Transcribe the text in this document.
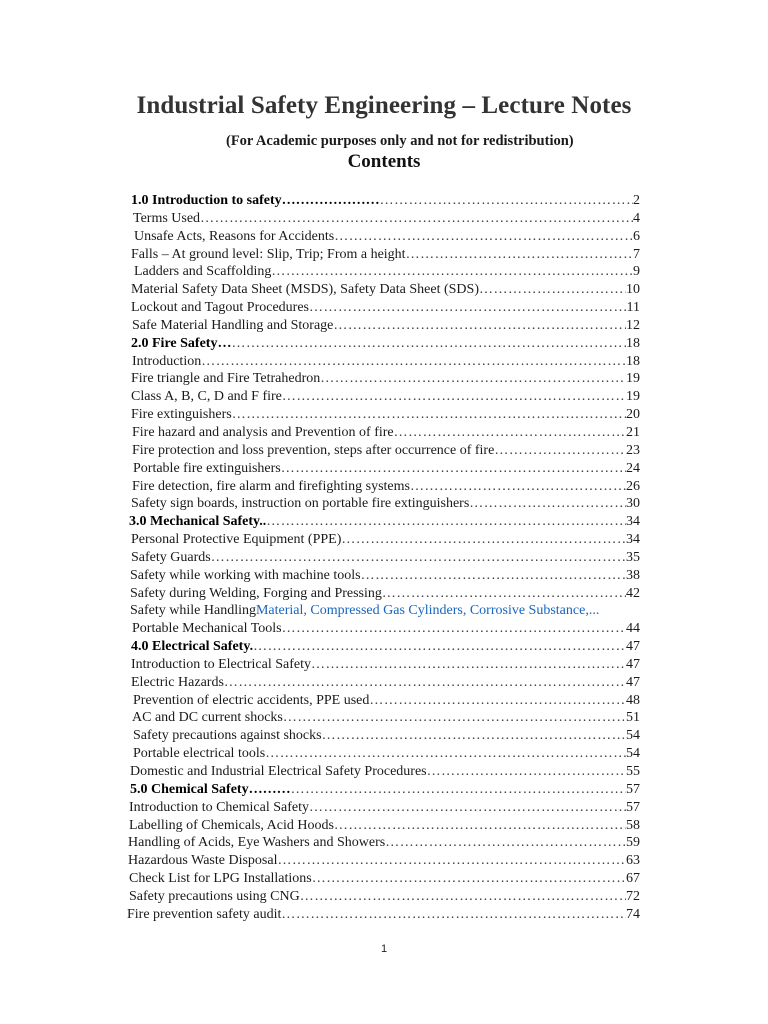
Industrial Safety Engineering – Lecture Notes

(For Academic purposes only and not for redistribution)

Contents
1.0 Introduction to safety………………… ……………………………………………………………………………………………………………………………………………………………………………………	2
Terms Used ……………………………………………………………………………………………………………………………………………………………………………………	4
Unsafe Acts, Reasons for Accidents ……………………………………………………………………………………………………………………………………………………………………………………	6
Falls – At ground level: Slip, Trip; From a height ……………………………………………………………………………………………………………………………………………………………………………………	7
Ladders and Scaffolding ……………………………………………………………………………………………………………………………………………………………………………………	9
Material Safety Data Sheet (MSDS), Safety Data Sheet (SDS) ……………………………………………………………………………………………………………………………………………………………………………………	10
Lockout and Tagout Procedures ……………………………………………………………………………………………………………………………………………………………………………………	11
Safe Material Handling and Storage ……………………………………………………………………………………………………………………………………………………………………………………	12
2.0 Fire Safety… ……………………………………………………………………………………………………………………………………………………………………………………	18
Introduction ……………………………………………………………………………………………………………………………………………………………………………………	18
Fire triangle and Fire Tetrahedron ……………………………………………………………………………………………………………………………………………………………………………………	19
Class A, B, C, D and F fire ……………………………………………………………………………………………………………………………………………………………………………………	19
Fire extinguishers ……………………………………………………………………………………………………………………………………………………………………………………	20
Fire hazard and analysis and Prevention of fire ……………………………………………………………………………………………………………………………………………………………………………………	21
Fire protection and loss prevention, steps after occurrence of fire ……………………………………………………………………………………………………………………………………………………………………………………	23
Portable fire extinguishers ……………………………………………………………………………………………………………………………………………………………………………………	24
Fire detection, fire alarm and firefighting systems ……………………………………………………………………………………………………………………………………………………………………………………	26
Safety sign boards, instruction on portable fire extinguishers ……………………………………………………………………………………………………………………………………………………………………………………	30
3.0 Mechanical Safety.. ……………………………………………………………………………………………………………………………………………………………………………………	34
Personal Protective Equipment (PPE) ……………………………………………………………………………………………………………………………………………………………………………………	34
Safety Guards ……………………………………………………………………………………………………………………………………………………………………………………	35
Safety while working with machine tools ……………………………………………………………………………………………………………………………………………………………………………………	38
Safety during Welding, Forging and Pressing ……………………………………………………………………………………………………………………………………………………………………………………	42
Safety while Handling Material, Compressed Gas Cylinders, Corrosive Substance,...
Portable Mechanical Tools ……………………………………………………………………………………………………………………………………………………………………………………	44
4.0 Electrical Safety. ……………………………………………………………………………………………………………………………………………………………………………………	47
Introduction to Electrical Safety ……………………………………………………………………………………………………………………………………………………………………………………	47
Electric Hazards ……………………………………………………………………………………………………………………………………………………………………………………	47
Prevention of electric accidents, PPE used ……………………………………………………………………………………………………………………………………………………………………………………	48
AC and DC current shocks ……………………………………………………………………………………………………………………………………………………………………………………	51
Safety precautions against shocks ……………………………………………………………………………………………………………………………………………………………………………………	54
Portable electrical tools ……………………………………………………………………………………………………………………………………………………………………………………	54
Domestic and Industrial Electrical Safety Procedures ……………………………………………………………………………………………………………………………………………………………………………………	55
5.0 Chemical Safety……… ……………………………………………………………………………………………………………………………………………………………………………………	57
Introduction to Chemical Safety ……………………………………………………………………………………………………………………………………………………………………………………	57
Labelling of Chemicals, Acid Hoods ……………………………………………………………………………………………………………………………………………………………………………………	58
Handling of Acids, Eye Washers and Showers ……………………………………………………………………………………………………………………………………………………………………………………	59
Hazardous Waste Disposal ……………………………………………………………………………………………………………………………………………………………………………………	63
Check List for LPG Installations ……………………………………………………………………………………………………………………………………………………………………………………	67
Safety precautions using CNG ……………………………………………………………………………………………………………………………………………………………………………………	72
Fire prevention safety audit ……………………………………………………………………………………………………………………………………………………………………………………	74
1
